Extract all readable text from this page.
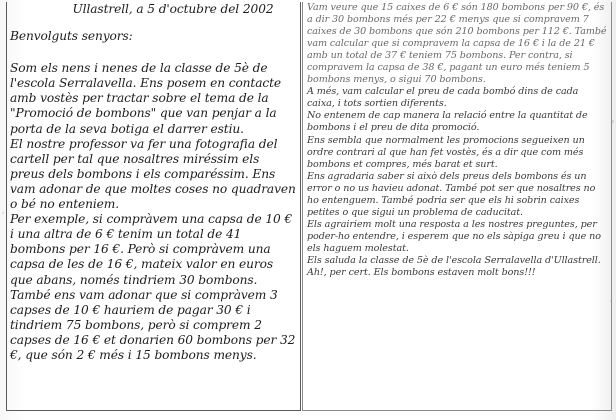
Ullastrell, a 5 d'octubre del 2002

Benvolguts senyors:

Som els nens i nenes de la classe de 5è de l'escola Serralavella. Ens posem en contacte amb vostès per tractar sobre el tema de la "Promoció de bombons" que van penjar a la porta de la seva botiga el darrer estiu.

El nostre professor va fer una fotografia del cartell per tal que nosaltres miréssim els preus dels bombons i els comparéssim. Ens vam adonar de que moltes coses no quadraven o bé no enteniem.

Per exemple, si compràvem una capsa de 10 € i una altra de 6 € tenim un total de 41 bombons per 16 €. Però si compràvem una capsa de les de 16 €, mateix valor en euros que abans, només tindriem 30 bombons.

També ens vam adonar que si compràvem 3 capses de 10 € hauriem de pagar 30 € i tindriem 75 bombons, però si comprem 2 capses de 16 € et donarien 60 bombons per 32 €, que són 2 € més i 15 bombons menys.

Vam veure que 15 caixes de 6 € són 180 bombons per 90 €, és a dir 30 bombons més per 22 € menys que si compravem 7 caixes de 30 bombons que són 210 bombons per 112 €. També vam calcular que si compravem la capsa de 16 € i la de 21 € amb un total de 37 € teniem 75 bombons. Per contra, si compravem la capsa de 38 €, pagant un euro més teniem 5 bombons menys, o sigui 70 bombons.

A més, vam calcular el preu de cada bombó dins de cada caixa, i tots sortien diferents.

No entenem de cap manera la relació entre la quantitat de bombons i el preu de dita promoció.

Ens sembla que normalment les promocions segueixen un ordre contrari al que han fet vostès, és a dir que com més bombons et compres, més barat et surt.

Ens agradaria saber si això dels preus dels bombons és un error o no us havieu adonat. També pot ser que nosaltres no ho entenguem. També podria ser que els hi sobrin caixes petites o que sigui un problema de caducitat.

Els agrairiem molt una resposta a les nostres preguntes, per poder-ho entendre, i esperem que no els sàpiga greu i que no els haguem molestat.

Els saluda la classe de 5è de l'escola Serralavella d'Ullastrell.

Ah!, per cert. Els bombons estaven molt bons!!!
